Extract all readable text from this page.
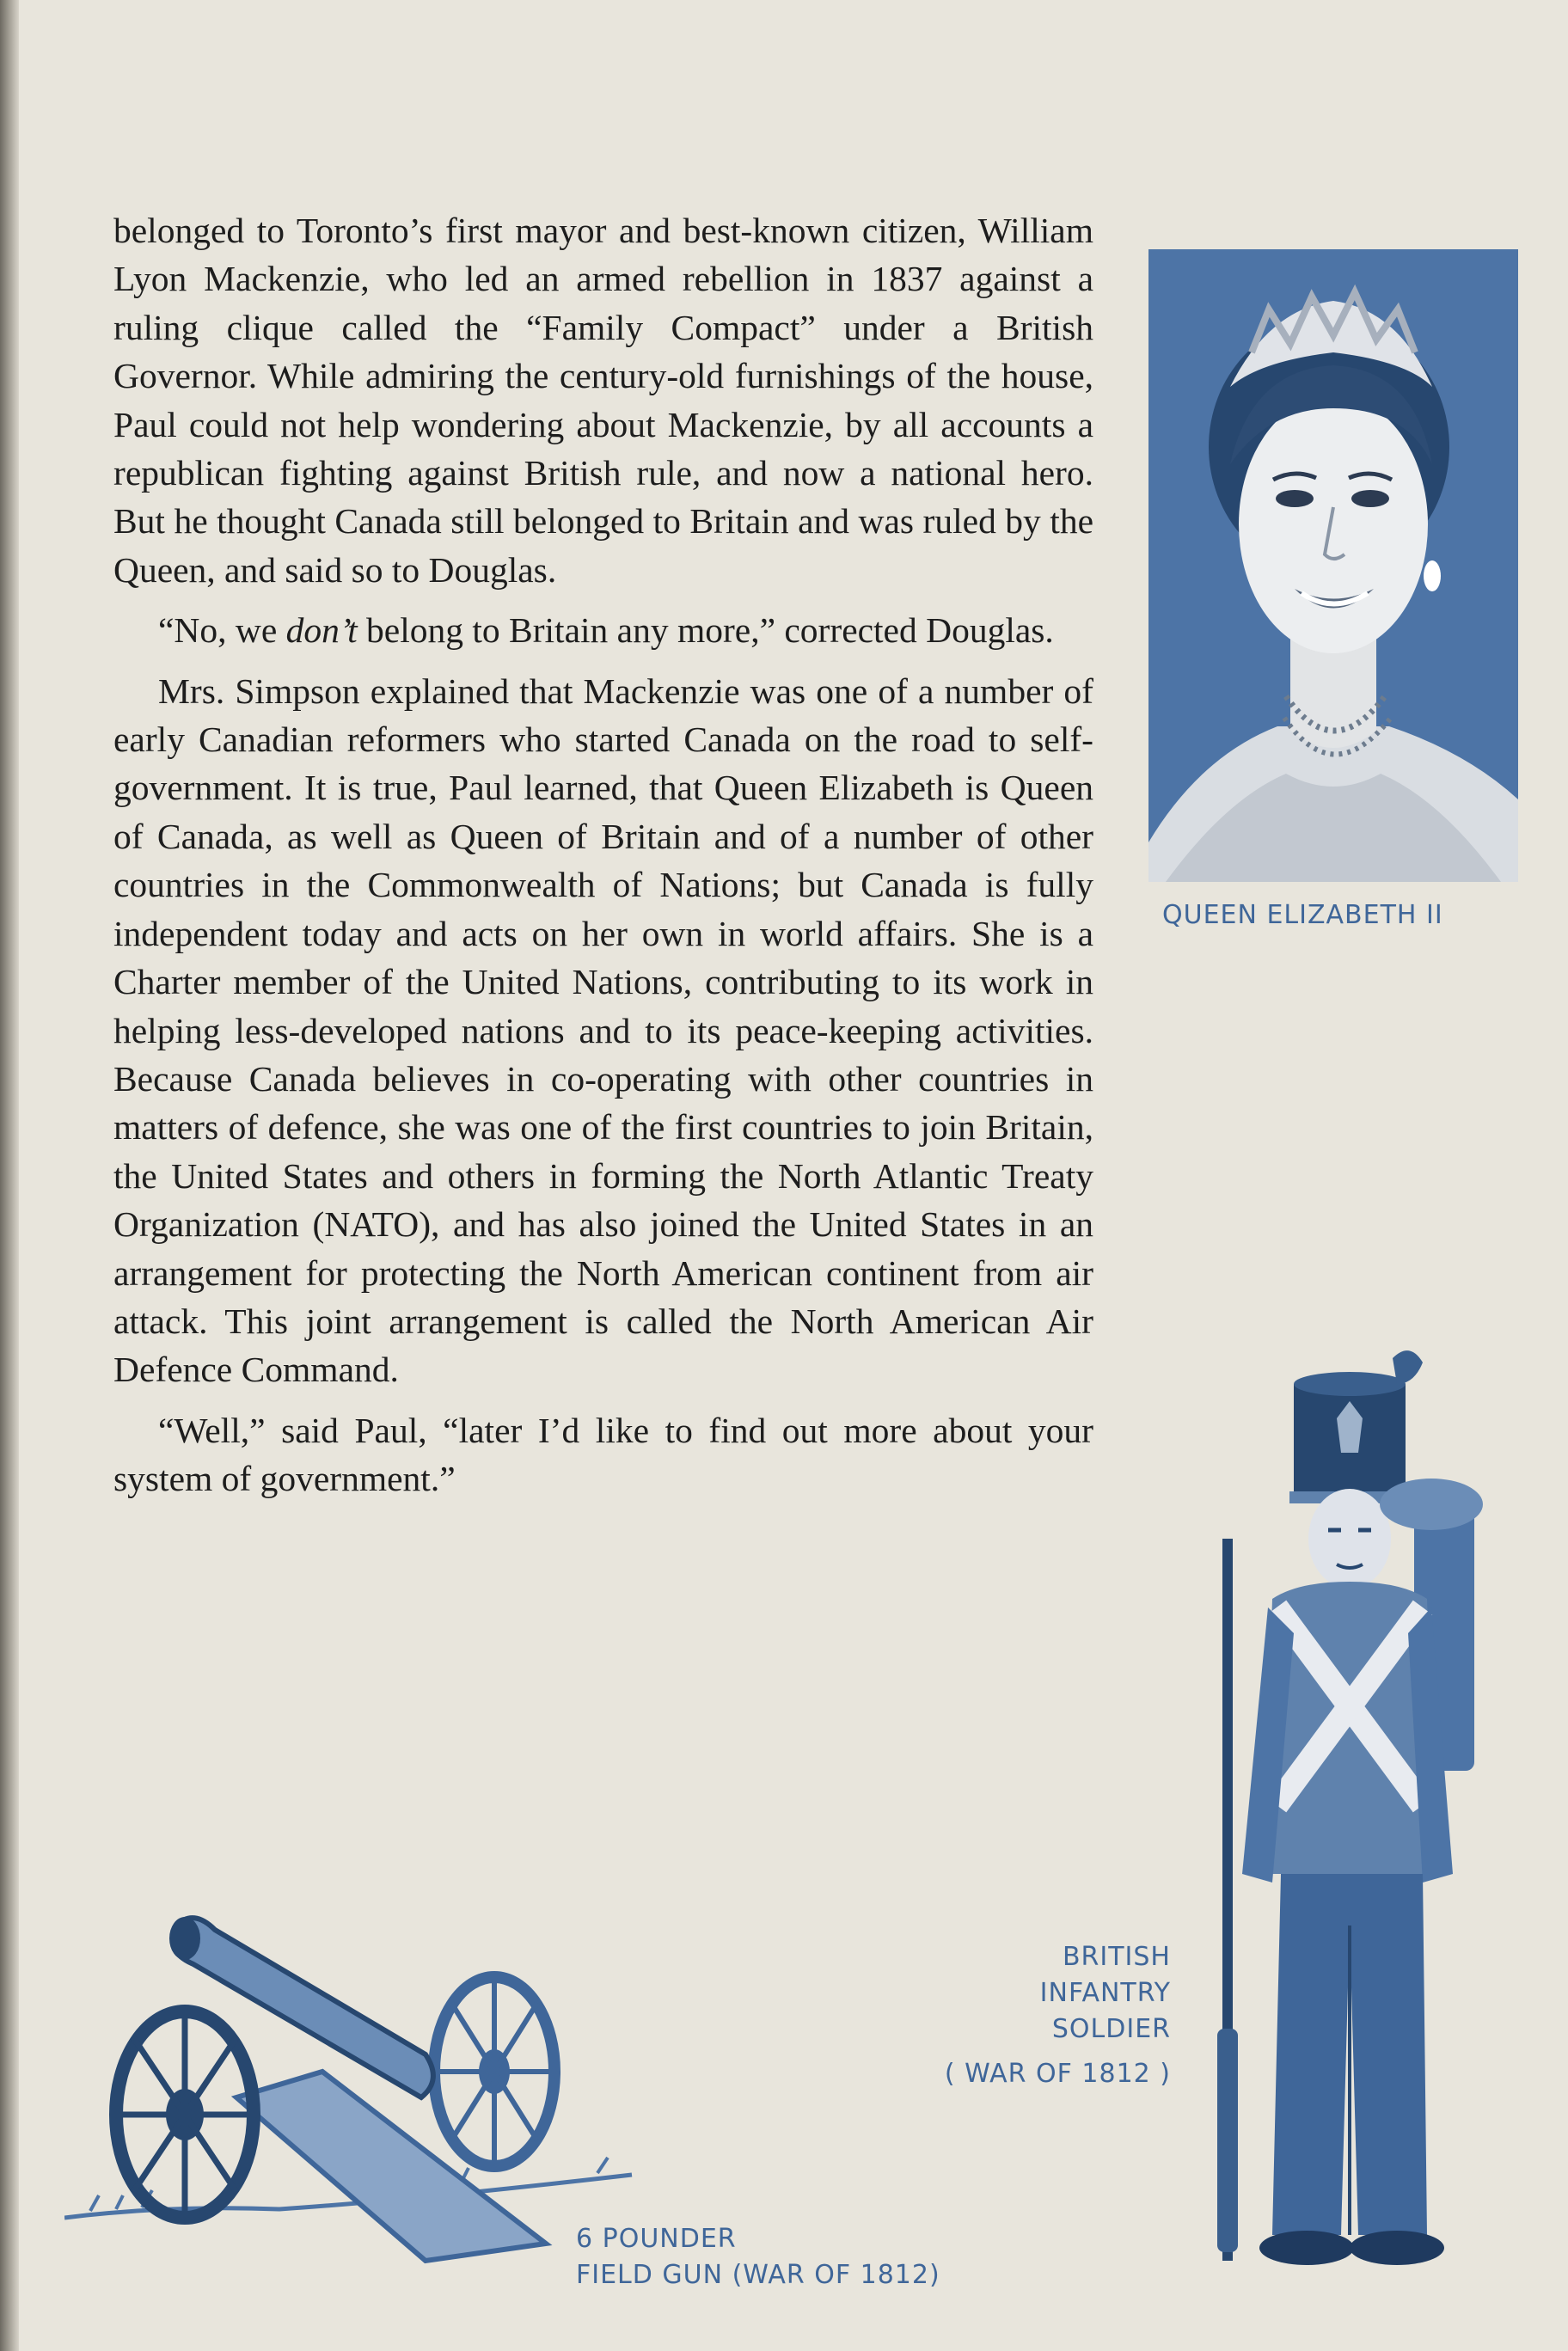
belonged to Toronto’s first mayor and best-known citizen, William Lyon Mackenzie, who led an armed rebellion in 1837 against a ruling clique called the “Family Compact” under a British Governor. While admiring the century-old furnishings of the house, Paul could not help wondering about Mackenzie, by all accounts a republican fighting against British rule, and now a national hero. But he thought Canada still belonged to Britain and was ruled by the Queen, and said so to Douglas.

“No, we don’t belong to Britain any more,” corrected Douglas.

Mrs. Simpson explained that Mackenzie was one of a number of early Canadian reformers who started Canada on the road to self-government. It is true, Paul learned, that Queen Elizabeth is Queen of Canada, as well as Queen of Britain and of a number of other countries in the Commonwealth of Nations; but Canada is fully independent today and acts on her own in world affairs. She is a Charter member of the United Nations, contributing to its work in helping less-developed nations and to its peace-keeping activities. Because Canada believes in co-operating with other countries in matters of defence, she was one of the first countries to join Britain, the United States and others in forming the North Atlantic Treaty Organization (NATO), and has also joined the United States in an arrangement for protecting the North American continent from air attack. This joint arrangement is called the North American Air Defence Command.

“Well,” said Paul, “later I’d like to find out more about your system of government.”

QUEEN ELIZABETH II
BRITISH
INFANTRY
SOLDIER
( WAR OF 1812 )
6 POUNDER
FIELD GUN (WAR OF 1812)
